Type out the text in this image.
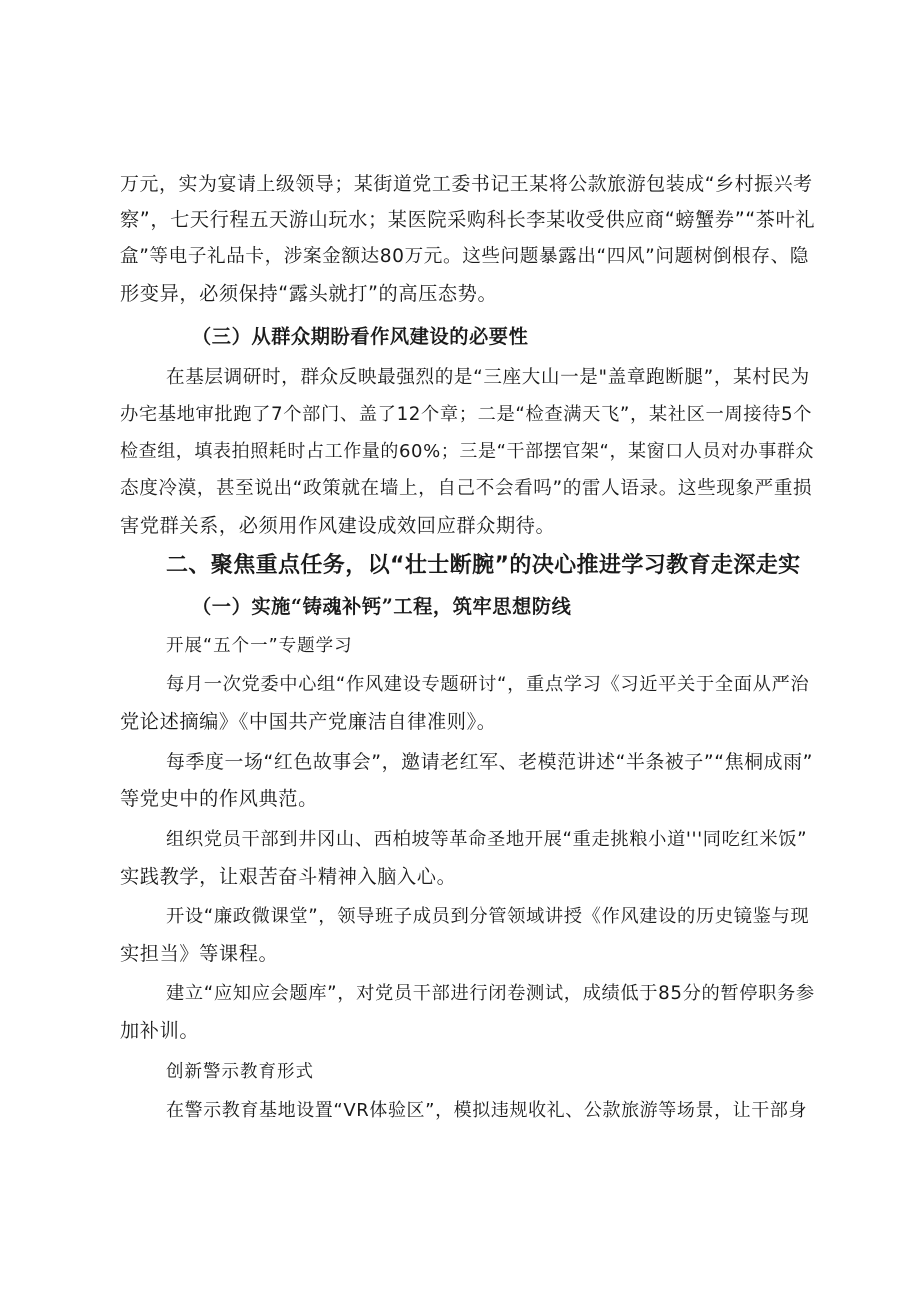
万元，实为宴请上级领导；某街道党工委书记王某将公款旅游包装成“乡村振兴考
察”，七天行程五天游山玩水；某医院采购科长李某收受供应商“螃蟹券”“茶叶礼
盒”等电子礼品卡，涉案金额达80万元。这些问题暴露出“四风”问题树倒根存、隐
形变异，必须保持“露头就打”的高压态势。
（三）从群众期盼看作风建设的必要性
在基层调研时，群众反映最强烈的是“三座大山一是"盖章跑断腿”，某村民为
办宅基地审批跑了7个部门、盖了12个章；二是“检查满天飞”，某社区一周接待5个
检查组，填表拍照耗时占工作量的60%；三是“干部摆官架“，某窗口人员对办事群众
态度冷漠，甚至说出“政策就在墙上，自己不会看吗”的雷人语录。这些现象严重损
害党群关系，必须用作风建设成效回应群众期待。
二、聚焦重点任务，以“壮士断腕”的决心推进学习教育走深走实
（一）实施“铸魂补钙”工程，筑牢思想防线
开展“五个一”专题学习
每月一次党委中心组“作风建设专题研讨“，重点学习《习近平关于全面从严治
党论述摘编》《中国共产党廉洁自律准则》。
每季度一场“红色故事会”，邀请老红军、老模范讲述“半条被子”“焦桐成雨”
等党史中的作风典范。
组织党员干部到井冈山、西柏坡等革命圣地开展“重走挑粮小道'''同吃红米饭”
实践教学，让艰苦奋斗精神入脑入心。
开设“廉政微课堂”，领导班子成员到分管领域讲授《作风建设的历史镜鉴与现
实担当》等课程。
建立“应知应会题库”，对党员干部进行闭卷测试，成绩低于85分的暂停职务参
加补训。
创新警示教育形式
在警示教育基地设置“VR体验区”，模拟违规收礼、公款旅游等场景，让干部身
